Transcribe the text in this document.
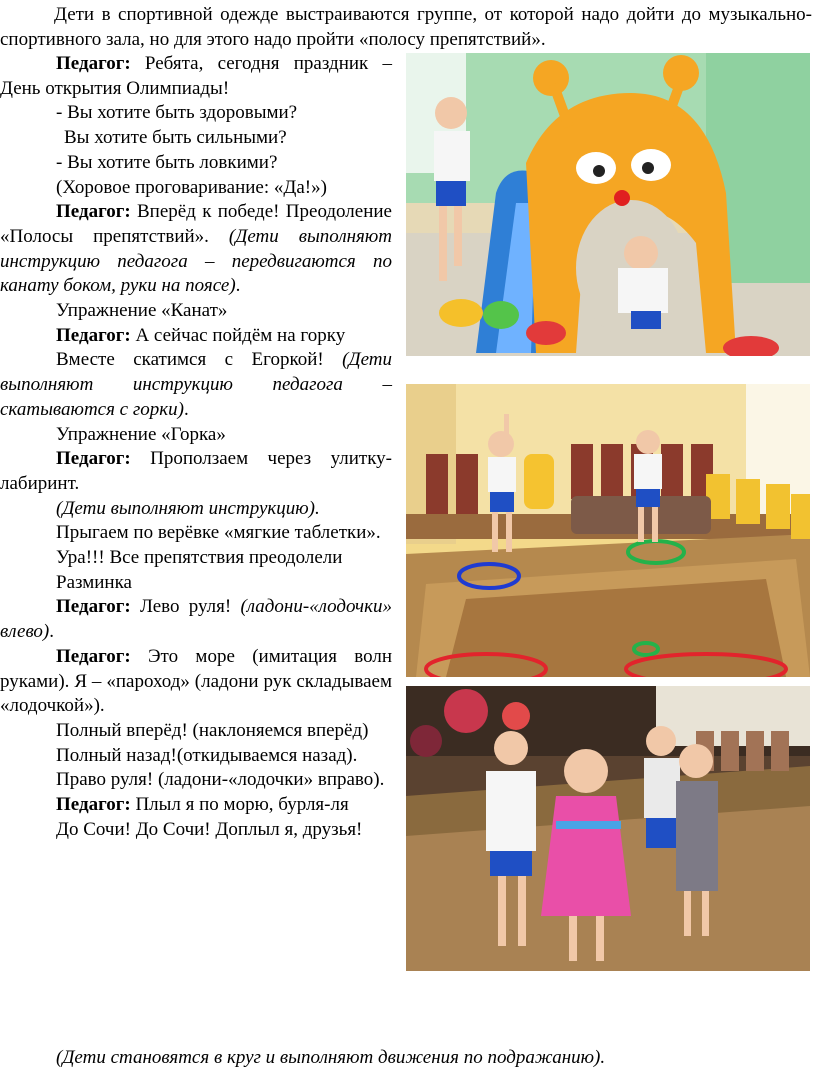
Дети в спортивной одежде выстраиваются группе, от которой надо дойти до музыкально-спортивного зала, но для этого надо пройти «полосу препятствий».

Педагог: Ребята, сегодня праздник – День открытия Олимпиады!

- Вы хотите быть здоровыми?

Вы хотите быть сильными?

- Вы хотите быть ловкими?

(Хоровое проговаривание: «Да!»)

Педагог: Вперёд к победе! Преодоление «Полосы препятствий». (Дети выполняют инструкцию педагога – передвигаются по канату боком, руки на поясе).

Упражнение «Канат»

Педагог: А сейчас пойдём на горку

Вместе скатимся с Егоркой! (Дети выполняют инструкцию педагога – скатываются с горки).

Упражнение «Горка»

Педагог: Проползаем через улитку-лабиринт.

(Дети выполняют инструкцию).

Прыгаем по верёвке «мягкие таблетки».

Ура!!! Все препятствия преодолели

Разминка

Педагог: Лево руля! (ладони-«лодочки» влево).

Педагог: Это море (имитация волн руками). Я – «пароход» (ладони рук складываем «лодочкой»).

Полный вперёд! (наклоняемся вперёд)

Полный назад!(откидываемся назад).

Право руля! (ладони-«лодочки» вправо).

Педагог: Плыл я по морю, бурля-ля

До Сочи! До Сочи! Доплыл я, друзья!

(Дети становятся в круг и выполняют движения по подражанию).
